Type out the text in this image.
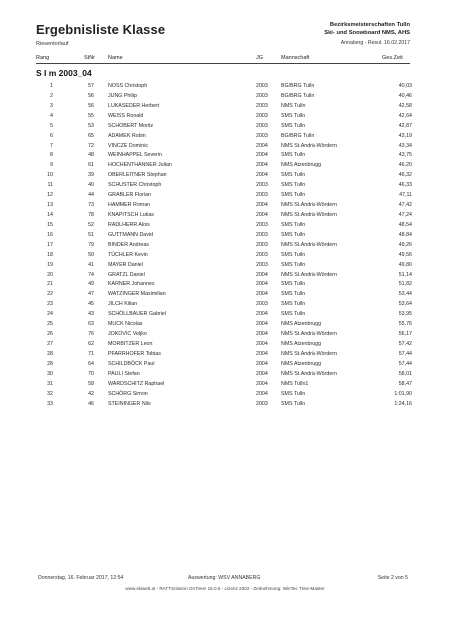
Ergebnisliste Klasse
Riesentorlauf
Bezirksmeisterschaften Tulln
Ski- und Snowboard NMS, AHS
Annaberg - Resul. 16.02.2017
Rang	StNr Name	JG	Mannschaft	Ges.Zeit
S I m 2003_04
1	57	NOSS Christoph	2003 BG/BRG Tulln	40,03
2	56	JUNG Philip	2003 BG/BRG Tulln	40,46
3	56	LUKASEDER Herbert	2003 NMS Tulln	42,58
4	55	WEISS Ronald	2003 SMS Tulln	42,64
5	53	SCHOBERT Moritz	2003 SMS Tulln	42,87
6	65	ADAMEK Robin	2003 BG/BRG Tulln	43,19
7	72	VINCZE Dominic	2004 NMS St.Andrä-Wördern	43,34
8	48	WEINHAPPEL Severin	2004 SMS Tulln	43,75
9	61	HOCHENTHANNER Julian	2004 NMS Atzenbrugg	46,20
10	39	OBERLEITNER Stephan	2004 SMS Tulln	46,32
11	40	SCHUSTER Christoph	2003 SMS Tulln	46,33
12	44	GRABLER Florian	2003 SMS Tulln	47,11
13	73	HAMMER Roman	2004 NMS St.Andrä-Wördern	47,42
14	78	KNAPITSCH Lukas	2004 NMS St.Andrä-Wördern	47,24
15	52	RADLHERR Alois	2003 SMS Tulln	48,54
16	51	GUTTMANN David	2003 SMS Tulln	48,84
17	79	BINDER Andreas	2003 NMS St.Andrä-Wördern	49,26
18	50	TÜCHLER Kevin	2003 SMS Tulln	49,56
19	41	MAYER Daniel	2003 SMS Tulln	49,80
20	74	GRATZL Daniel	2004 NMS St.Andrä-Wördern	51,14
21	49	KARNER Johannes	2004 SMS Tulln	51,82
22	47	WATZINGER Maximilian	2004 SMS Tulln	53,44
23	45	JILCH Kilian	2003 SMS Tulln	53,64
24	43	SCHÖLLBAUER Gabriel	2004 SMS Tulln	53,95
25	63	MUCK Nicolas	2004 NMS Atzenbrugg	55,76
26	76	JOKOVIC Veljko	2004 NMS St.Andrä-Wördern	56,17
27	62	MORBITZER Leon	2004 NMS Atzenbrugg	57,42
28	71	PFARRHOFER Tobias	2004 NMS St.Andrä-Wördern	57,44
28	64	SCHILDBÖCK Paul	2004 NMS Atzenbrugg	57,44
30	70	PAULI Stefan	2004 NMS St.Andrä-Wördern	58,01
31	58	WARDSCHITZ Raphael	2004 NMS Tulln1	58,47
32	42	SCHÖRG Simon	2004 SMS Tulln	1:01,90
33	46	STEININGER Nils	2003 SMS Tulln	1:24,16
Donnerstag, 16. Februar 2017, 12:54	Auswertung: WSV ANNABERG	Seite 2 von 5
www.skiwelt.at - RATTSolution OnTime! 16.0.5 - Lizenz 2002 - Zeitnehmung: WinTec Time-Master
